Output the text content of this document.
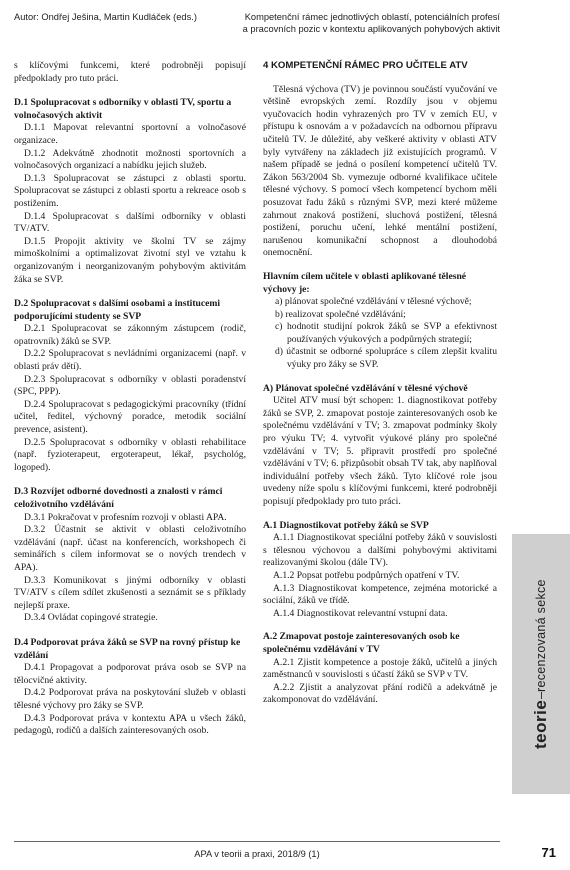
Autor: Ondřej Ješina, Martin Kudláček (eds.)	Kompetenční rámec jednotlivých oblastí, potenciálních profesí
a pracovních pozic v kontextu aplikovaných pohybových aktivit

s klíčovými funkcemi, které podrobněji popisují předpoklady pro tuto práci.

D.1 Spolupracovat s odborníky v oblasti TV, sportu a volnočasových aktivit

D.1.1 Mapovat relevantní sportovní a volnočasové organizace.

D.1.2 Adekvátně zhodnotit možnosti sportovních a volnočasových organizací a nabídku jejich služeb.

D.1.3 Spolupracovat se zástupci z oblasti sportu. Spolupracovat se zástupci z oblasti sportu a rekreace osob s postižením.

D.1.4 Spolupracovat s dalšími odborníky v oblasti TV/ATV.

D.1.5 Propojit aktivity ve školní TV se zájmy mimoškolními a optimalizovat životní styl ve vztahu k organizovaným i neorganizovaným pohybovým aktivitám žáka se SVP.

D.2 Spolupracovat s dalšími osobami a institucemi podporujícími studenty se SVP

D.2.1 Spolupracovat se zákonným zástupcem (rodič, opatrovník) žáků se SVP.

D.2.2 Spolupracovat s nevládními organizacemi (např. v oblasti práv dětí).

D.2.3 Spolupracovat s odborníky v oblasti poradenství (SPC, PPP).

D.2.4 Spolupracovat s pedagogickými pracovníky (třídní učitel, ředitel, výchovný poradce, metodik sociální prevence, asistent).

D.2.5 Spolupracovat s odborníky v oblasti rehabilitace (např. fyzioterapeut, ergoterapeut, lékař, psychológ, logoped).

D.3 Rozvíjet odborné dovednosti a znalosti v rámci celoživotního vzdělávání

D.3.1 Pokračovat v profesním rozvoji v oblasti APA.

D.3.2 Účastnit se aktivit v oblasti celoživotního vzdělávání (např. účast na konferencích, workshopech či seminářích s cílem informovat se o nových trendech v APA).

D.3.3 Komunikovat s jinými odborníky v oblasti TV/ATV s cílem sdílet zkušenosti a seznámit se s příklady nejlepší praxe.

D.3.4 Ovládat copingové strategie.

D.4 Podporovat práva žáků se SVP na rovný přístup ke vzdělání

D.4.1 Propagovat a podporovat práva osob se SVP na tělocvičné aktivity.

D.4.2 Podporovat práva na poskytování služeb v oblasti tělesné výchovy pro žáky se SVP.

D.4.3 Podporovat práva v kontextu APA u všech žáků, pedagogů, rodičů a dalších zainteresovaných osob.

4 KOMPETENČNÍ RÁMEC PRO UČITELE ATV

Tělesná výchova (TV) je povinnou součástí vyučování ve většině evropských zemí. Rozdíly jsou v objemu vyučovacích hodin vyhrazených pro TV v zemích EU, v přístupu k osnovám a v požadavcích na odbornou přípravu učitelů TV. Je důležité, aby veškeré aktivity v oblasti ATV byly vytvářeny na základech již existujících programů. V našem případě se jedná o posílení kompetencí učitelů TV. Zákon 563/2004 Sb. vymezuje odborné kvalifikace učitele tělesné výchovy. S pomocí všech kompetencí bychom měli posuzovat řadu žáků s různými SVP, mezi které můžeme zahrnout znaková postižení, sluchová postižení, tělesná postižení, poruchu učení, lehké mentální postižení, narušenou komunikační schopnost a dlouhodobá onemocnění.

Hlavním cílem učitele v oblasti aplikované tělesné výchovy je:

a) plánovat společné vzdělávání v tělesné výchově;

b) realizovat společné vzdělávání;

c) hodnotit studijní pokrok žáků se SVP a efektivnost používaných výukových a podpůrných strategií;

d) účastnit se odborné spolupráce s cílem zlepšit kvalitu výuky pro žáky se SVP.

A) Plánovat společné vzdělávání v tělesné výchově

Učitel ATV musí být schopen: 1. diagnostikovat potřeby žáků se SVP, 2. zmapovat postoje zainteresovaných osob ke společnému vzdělávání v TV; 3. zmapovat podmínky školy pro výuku TV; 4. vytvořit výukové plány pro společné vzdělávání v TV; 5. připravit prostředí pro společné vzdělávání v TV; 6. přizpůsobit obsah TV tak, aby naplňoval individuální potřeby všech žáků. Tyto klíčové role jsou uvedeny níže spolu s klíčovými funkcemi, které podrobněji popisují předpoklady pro tuto práci.

A.1 Diagnostikovat potřeby žáků se SVP

A.1.1 Diagnostikovat speciální potřeby žáků v souvislosti s tělesnou výchovou a dalšími pohybovými aktivitami realizovanými školou (dále TV).

A.1.2 Popsat potřebu podpůrných opatření v TV.

A.1.3 Diagnostikovat kompetence, zejména motorické a sociální, žáků ve třídě.

A.1.4 Diagnostikovat relevantní vstupní data.

A.2 Zmapovat postoje zainteresovaných osob ke společnému vzdělávání v TV

A.2.1 Zjistit kompetence a postoje žáků, učitelů a jiných zaměstnanců v souvislosti s účastí žáků se SVP v TV.

A.2.2 Zjistit a analyzovat přání rodičů a adekvátně je zakomponovat do vzdělávání.	teorie
–
recenzovaná sekce
APA v teorii a praxi, 2018/9 (1)	71
